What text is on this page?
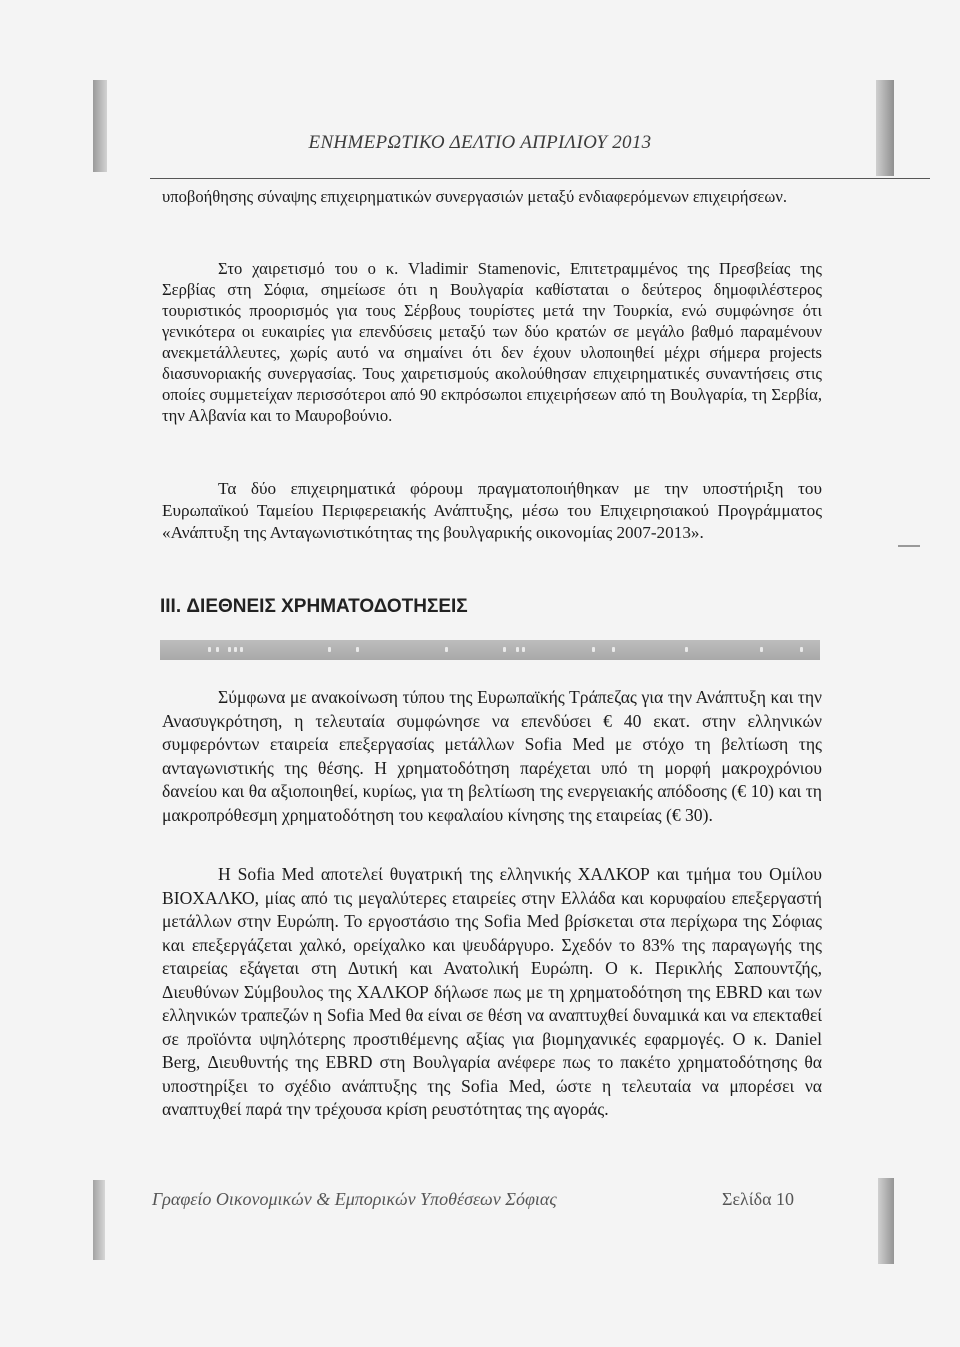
ΕΝΗΜΕΡΩΤΙΚΟ ΔΕΛΤΙΟ ΑΠΡΙΛΙΟΥ 2013

υποβοήθησης σύναψης επιχειρηματικών συνεργασιών μεταξύ ενδιαφερόμενων επιχειρήσεων.

Στο χαιρετισμό του ο κ. Vladimir Stamenovic, Επιτετραμμένος της Πρεσβείας της Σερβίας στη Σόφια, σημείωσε ότι η Βουλγαρία καθίσταται ο δεύτερος δημοφιλέστερος τουριστικός προορισμός για τους Σέρβους τουρίστες μετά την Τουρκία, ενώ συμφώνησε ότι γενικότερα οι ευκαιρίες για επενδύσεις μεταξύ των δύο κρατών σε μεγάλο βαθμό παραμένουν ανεκμετάλλευτες, χωρίς αυτό να σημαίνει ότι δεν έχουν υλοποιηθεί μέχρι σήμερα projects διασυνοριακής συνεργασίας. Τους χαιρετισμούς ακολούθησαν επιχειρηματικές συναντήσεις στις οποίες συμμετείχαν περισσότεροι από 90 εκπρόσωποι επιχειρήσεων από τη Βουλγαρία, τη Σερβία, την Αλβανία και το Μαυροβούνιο.

Τα δύο επιχειρηματικά φόρουμ πραγματοποιήθηκαν με την υποστήριξη του Ευρωπαϊκού Ταμείου Περιφερειακής Ανάπτυξης, μέσω του Επιχειρησιακού Προγράμματος «Ανάπτυξη της Ανταγωνιστικότητας της βουλγαρικής οικονομίας 2007-2013».

III. ΔΙΕΘΝΕΙΣ ΧΡΗΜΑΤΟΔΟΤΗΣΕΙΣ

Σύμφωνα με ανακοίνωση τύπου της Ευρωπαϊκής Τράπεζας για την Ανάπτυξη και την Ανασυγκρότηση, η τελευταία συμφώνησε να επενδύσει € 40 εκατ. στην ελληνικών συμφερόντων εταιρεία επεξεργασίας μετάλλων Sofia Med με στόχο τη βελτίωση της ανταγωνιστικής της θέσης. Η χρηματοδότηση παρέχεται υπό τη μορφή μακροχρόνιου δανείου και θα αξιοποιηθεί, κυρίως, για τη βελτίωση της ενεργειακής απόδοσης (€ 10) και τη μακροπρόθεσμη χρηματοδότηση του κεφαλαίου κίνησης της εταιρείας (€ 30).

Η Sofia Med αποτελεί θυγατρική της ελληνικής ΧΑΛΚΟΡ και τμήμα του Ομίλου ΒΙΟΧΑΛΚΟ, μίας από τις μεγαλύτερες εταιρείες στην Ελλάδα και κορυφαίου επεξεργαστή μετάλλων στην Ευρώπη. Το εργοστάσιο της Sofia Med βρίσκεται στα περίχωρα της Σόφιας και επεξεργάζεται χαλκό, ορείχαλκο και ψευδάργυρο. Σχεδόν το 83% της παραγωγής της εταιρείας εξάγεται στη Δυτική και Ανατολική Ευρώπη. Ο κ. Περικλής Σαπουντζής, Διευθύνων Σύμβουλος της ΧΑΛΚΟΡ δήλωσε πως με τη χρηματοδότηση της EBRD και των ελληνικών τραπεζών η Sofia Med θα είναι σε θέση να αναπτυχθεί δυναμικά και να επεκταθεί σε προϊόντα υψηλότερης προστιθέμενης αξίας για βιομηχανικές εφαρμογές. Ο κ. Daniel Berg, Διευθυντής της EBRD στη Βουλγαρία ανέφερε πως το πακέτο χρηματοδότησης θα υποστηρίξει το σχέδιο ανάπτυξης της Sofia Med, ώστε η τελευταία να μπορέσει να αναπτυχθεί παρά την τρέχουσα κρίση ρευστότητας της αγοράς.

Γραφείο Οικονομικών & Εμπορικών Υποθέσεων Σόφιας	Σελίδα 10
